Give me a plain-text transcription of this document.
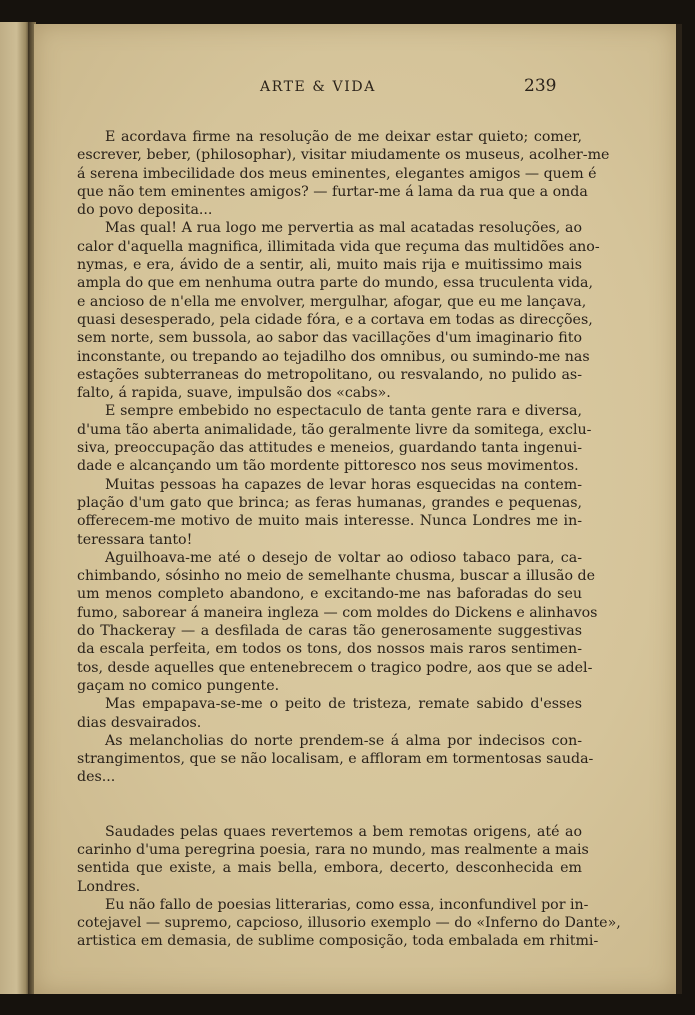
ARTE & VIDA	239
E acordava firme na resolução de me deixar estar quieto; comer,
escrever, beber, (philosophar), visitar miudamente os museus, acolher-me
á serena imbecilidade dos meus eminentes, elegantes amigos — quem é
que não tem eminentes amigos? — furtar-me á lama da rua que a onda
do povo deposita...
Mas qual! A rua logo me pervertia as mal acatadas resoluções, ao
calor d'aquella magnifica, illimitada vida que reçuma das multidões ano-
nymas, e era, ávido de a sentir, ali, muito mais rija e muitissimo mais
ampla do que em nenhuma outra parte do mundo, essa truculenta vida,
e ancioso de n'ella me envolver, mergulhar, afogar, que eu me lançava,
quasi desesperado, pela cidade fóra, e a cortava em todas as direcções,
sem norte, sem bussola, ao sabor das vacillações d'um imaginario fito
inconstante, ou trepando ao tejadilho dos omnibus, ou sumindo-me nas
estações subterraneas do metropolitano, ou resvalando, no pulido as-
falto, á rapida, suave, impulsão dos «cabs».
E sempre embebido no espectaculo de tanta gente rara e diversa,
d'uma tão aberta animalidade, tão geralmente livre da somitega, exclu-
siva, preoccupação das attitudes e meneios, guardando tanta ingenui-
dade e alcançando um tão mordente pittoresco nos seus movimentos.
Muitas pessoas ha capazes de levar horas esquecidas na contem-
plação d'um gato que brinca; as feras humanas, grandes e pequenas,
offerecem-me motivo de muito mais interesse. Nunca Londres me in-
teressara tanto!
Aguilhoava-me até o desejo de voltar ao odioso tabaco para, ca-
chimbando, sósinho no meio de semelhante chusma, buscar a illusão de
um menos completo abandono, e excitando-me nas baforadas do seu
fumo, saborear á maneira ingleza — com moldes do Dickens e alinhavos
do Thackeray — a desfilada de caras tão generosamente suggestivas
da escala perfeita, em todos os tons, dos nossos mais raros sentimen-
tos, desde aquelles que entenebrecem o tragico podre, aos que se adel-
gaçam no comico pungente.
Mas empapava-se-me o peito de tristeza, remate sabido d'esses
dias desvairados.
As melancholias do norte prendem-se á alma por indecisos con-
strangimentos, que se não localisam, e affloram em tormentosas sauda-
des...
Saudades pelas quaes revertemos a bem remotas origens, até ao
carinho d'uma peregrina poesia, rara no mundo, mas realmente a mais
sentida que existe, a mais bella, embora, decerto, desconhecida em
Londres.
Eu não fallo de poesias litterarias, como essa, inconfundivel por in-
cotejavel — supremo, capcioso, illusorio exemplo — do «Inferno do Dante»,
artistica em demasia, de sublime composição, toda embalada em rhitmi-
